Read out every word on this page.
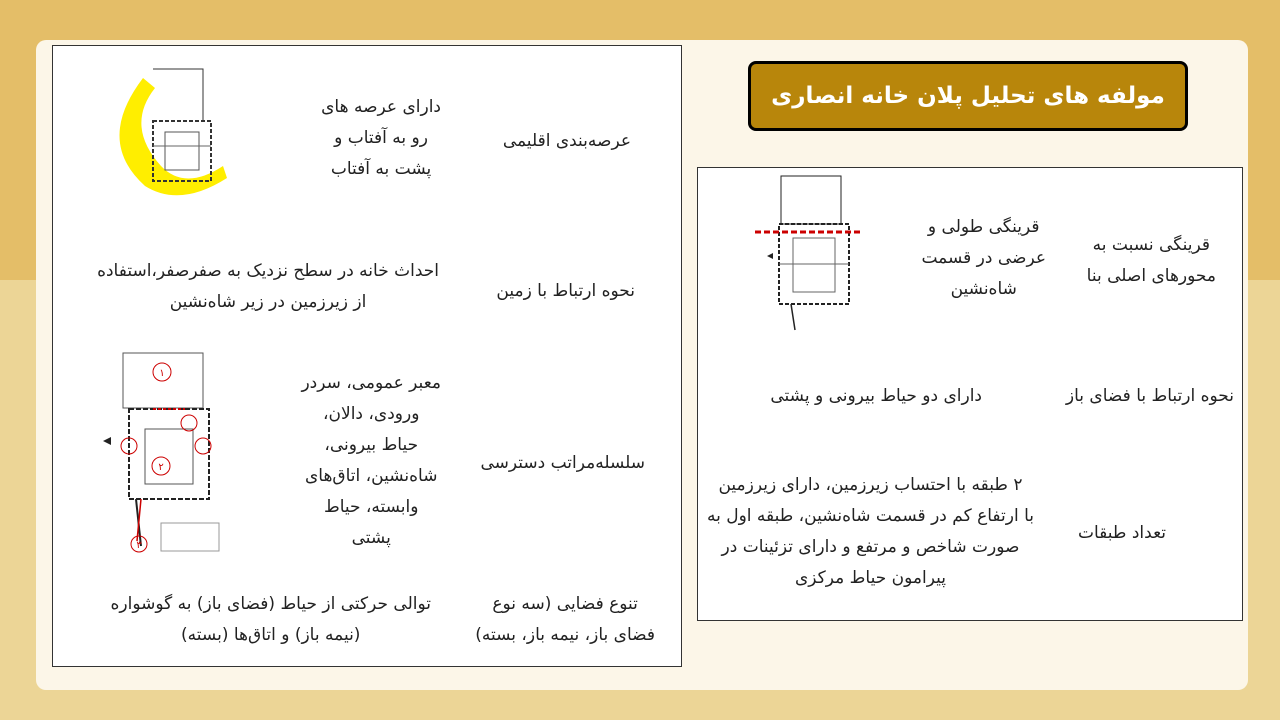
عرصه‌بندی اقلیمی
دارای عرصه های
رو به آفتاب و
پشت به آفتاب
نحوه ارتباط با زمین
احداث خانه در سطح نزدیک به صفرصفر،استفاده
از زیرزمین در زیر شاه‌نشین
سلسله‌مراتب دسترسی
معبر عمومی، سردر
ورودی، دالان،
حیاط بیرونی،
شاه‌نشین، اتاق‌های
وابسته، حیاط
پشتی
۱
۲
۳
تنوع فضایی (سه نوع
فضای باز، نیمه باز، بسته)
توالی حرکتی از حیاط (فضای باز) به گوشواره
(نیمه باز) و اتاق‌ها (بسته)
مولفه های تحلیل پلان خانه انصاری
قرینگی نسبت به
محورهای اصلی بنا
قرینگی طولی و
عرضی در قسمت
شاه‌نشین
نحوه ارتباط با فضای باز
دارای دو حیاط بیرونی و پشتی
تعداد طبقات
۲ طبقه با احتساب زیرزمین، دارای زیرزمین
با ارتفاع کم در قسمت شاه‌نشین، طبقه اول به
صورت شاخص و مرتفع و دارای تزئینات در
پیرامون حیاط مرکزی
